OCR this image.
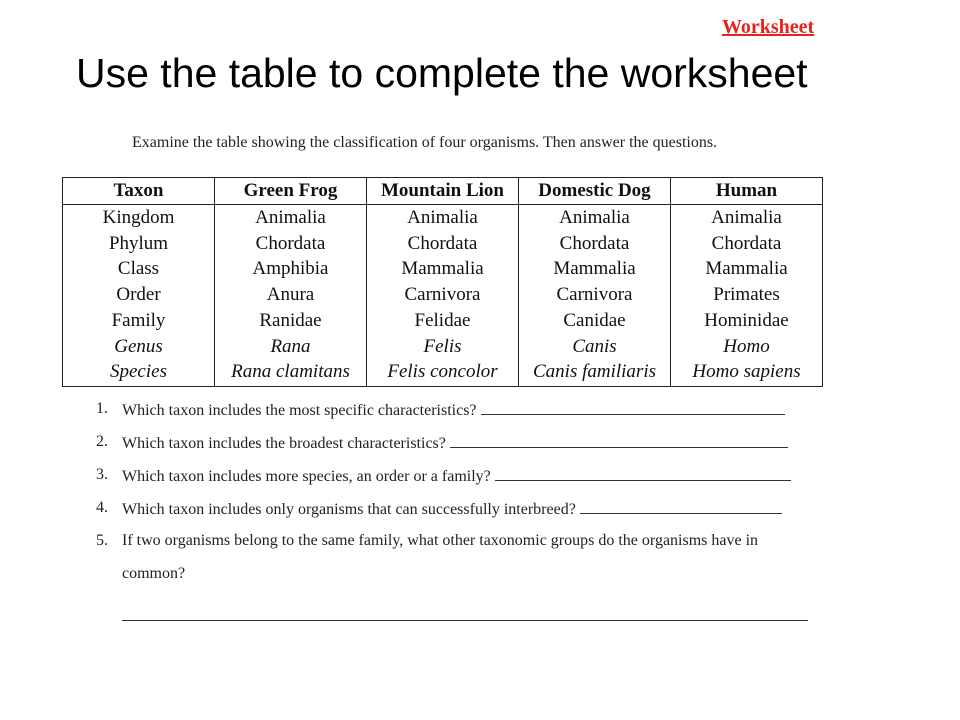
Worksheet
Use the table to complete the worksheet
Examine the table showing the classification of four organisms. Then answer the questions.
Taxon	Green Frog	Mountain Lion	Domestic Dog	Human
Kingdom	Animalia	Animalia	Animalia	Animalia
Phylum	Chordata	Chordata	Chordata	Chordata
Class	Amphibia	Mammalia	Mammalia	Mammalia
Order	Anura	Carnivora	Carnivora	Primates
Family	Ranidae	Felidae	Canidae	Hominidae
Genus	Rana	Felis	Canis	Homo
Species	Rana clamitans	Felis concolor	Canis familiaris	Homo sapiens
1. Which taxon includes the most specific characteristics?
2. Which taxon includes the broadest characteristics?
3. Which taxon includes more species, an order or a family?
4. Which taxon includes only organisms that can successfully interbreed?
5. If two organisms belong to the same family, what other taxonomic groups do the organisms have in
common?
